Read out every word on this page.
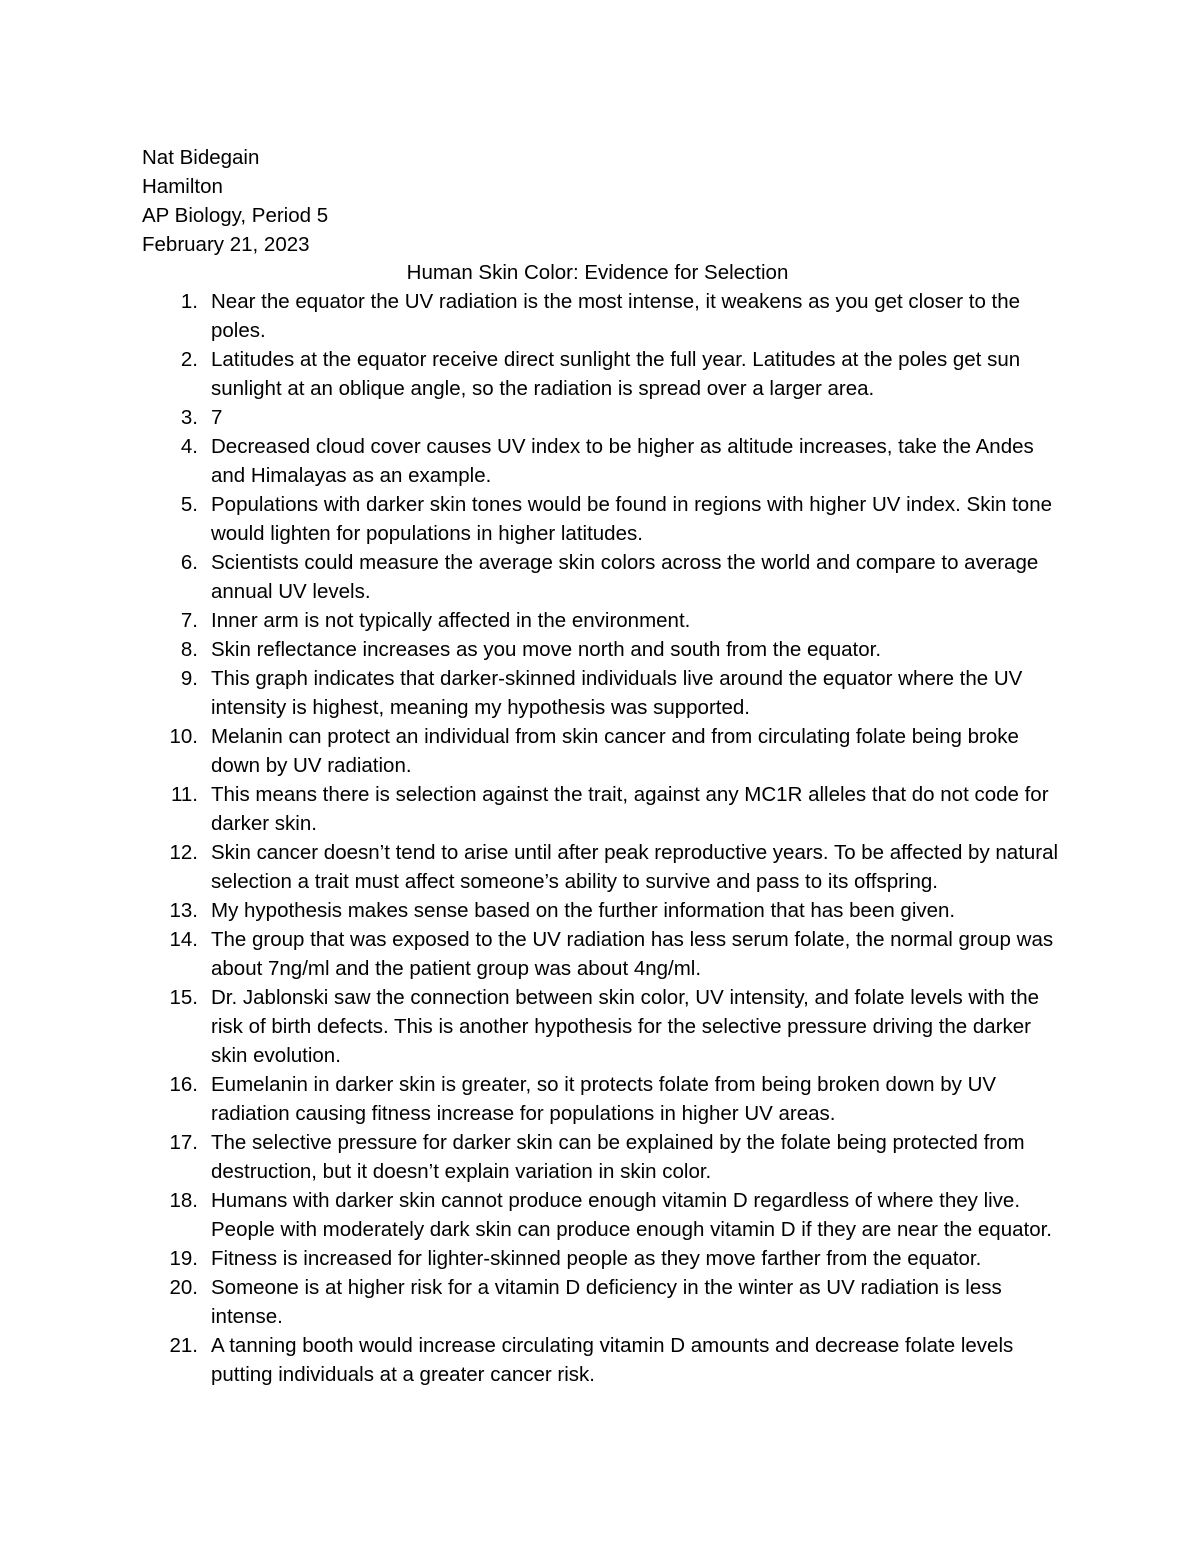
Nat Bidegain
Hamilton
AP Biology, Period 5
February 21, 2023
Human Skin Color: Evidence for Selection
1. Near the equator the UV radiation is the most intense, it weakens as you get closer to the poles.
2. Latitudes at the equator receive direct sunlight the full year. Latitudes at the poles get sun sunlight at an oblique angle, so the radiation is spread over a larger area.
3. 7
4. Decreased cloud cover causes UV index to be higher as altitude increases, take the Andes and Himalayas as an example.
5. Populations with darker skin tones would be found in regions with higher UV index. Skin tone would lighten for populations in higher latitudes.
6. Scientists could measure the average skin colors across the world and compare to average annual UV levels.
7. Inner arm is not typically affected in the environment.
8. Skin reflectance increases as you move north and south from the equator.
9. This graph indicates that darker-skinned individuals live around the equator where the UV intensity is highest, meaning my hypothesis was supported.
10. Melanin can protect an individual from skin cancer and from circulating folate being broke down by UV radiation.
11. This means there is selection against the trait, against any MC1R alleles that do not code for darker skin.
12. Skin cancer doesn’t tend to arise until after peak reproductive years. To be affected by natural selection a trait must affect someone’s ability to survive and pass to its offspring.
13. My hypothesis makes sense based on the further information that has been given.
14. The group that was exposed to the UV radiation has less serum folate, the normal group was about 7ng/ml and the patient group was about 4ng/ml.
15. Dr. Jablonski saw the connection between skin color, UV intensity, and folate levels with the risk of birth defects. This is another hypothesis for the selective pressure driving the darker skin evolution.
16. Eumelanin in darker skin is greater, so it protects folate from being broken down by UV radiation causing fitness increase for populations in higher UV areas.
17. The selective pressure for darker skin can be explained by the folate being protected from destruction, but it doesn’t explain variation in skin color.
18. Humans with darker skin cannot produce enough vitamin D regardless of where they live. People with moderately dark skin can produce enough vitamin D if they are near the equator.
19. Fitness is increased for lighter-skinned people as they move farther from the equator.
20. Someone is at higher risk for a vitamin D deficiency in the winter as UV radiation is less intense.
21. A tanning booth would increase circulating vitamin D amounts and decrease folate levels putting individuals at a greater cancer risk.
